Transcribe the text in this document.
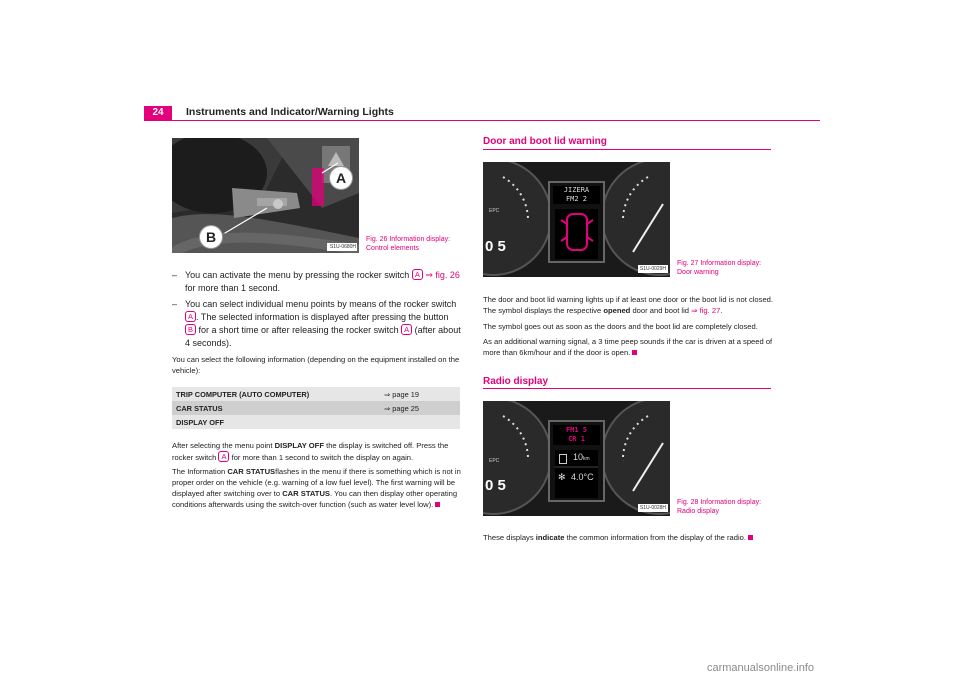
24	Instruments and Indicator/Warning Lights
A
B
S1U-0680H
Fig. 26 Information display:
Control elements
– You can activate the menu by pressing the rocker switch A ⇒ fig. 26 for more than 1 second.
– You can select individual menu points by means of the rocker switch A . The selected information is displayed after pressing the button B for a short time or after releasing the rocker switch A (after about 4 seconds).
You can select the following information (depending on the equipment installed on the vehicle):
TRIP COMPUTER (AUTO COMPUTER)	⇒ page 19
CAR STATUS	⇒ page 25
DISPLAY OFF	
After selecting the menu point DISPLAY OFF the display is switched off. Press the rocker switch A for more than 1 second to switch the display on again.
The Information CAR STATUSflashes in the menu if there is something which is not in proper order on the vehicle (e.g. warning of a low fuel level). The first warning will be displayed after switching over to CAR STATUS. You can then display other operating conditions afterwards using the switch-over function (such as water level low).
Door and boot lid warning
JIZERA
FM2 2
0 5
EPC
S1U-0029H
Fig. 27 Information display:
Door warning
The door and boot lid warning lights up if at least one door or the boot lid is not closed. The symbol displays the respective opened door and boot lid ⇒ fig. 27.
The symbol goes out as soon as the doors and the boot lid are completely closed.
As an additional warning signal, a 3 time peep sounds if the car is driven at a speed of more than 6km/hour and if the door is open.
Radio display
FM1 5
CR 1
10km
✻ 4.0°C
0 5
EPC
S1U-0028H
Fig. 28 Information display:
Radio display
These displays indicate the common information from the display of the radio.
carmanualsonline.info
